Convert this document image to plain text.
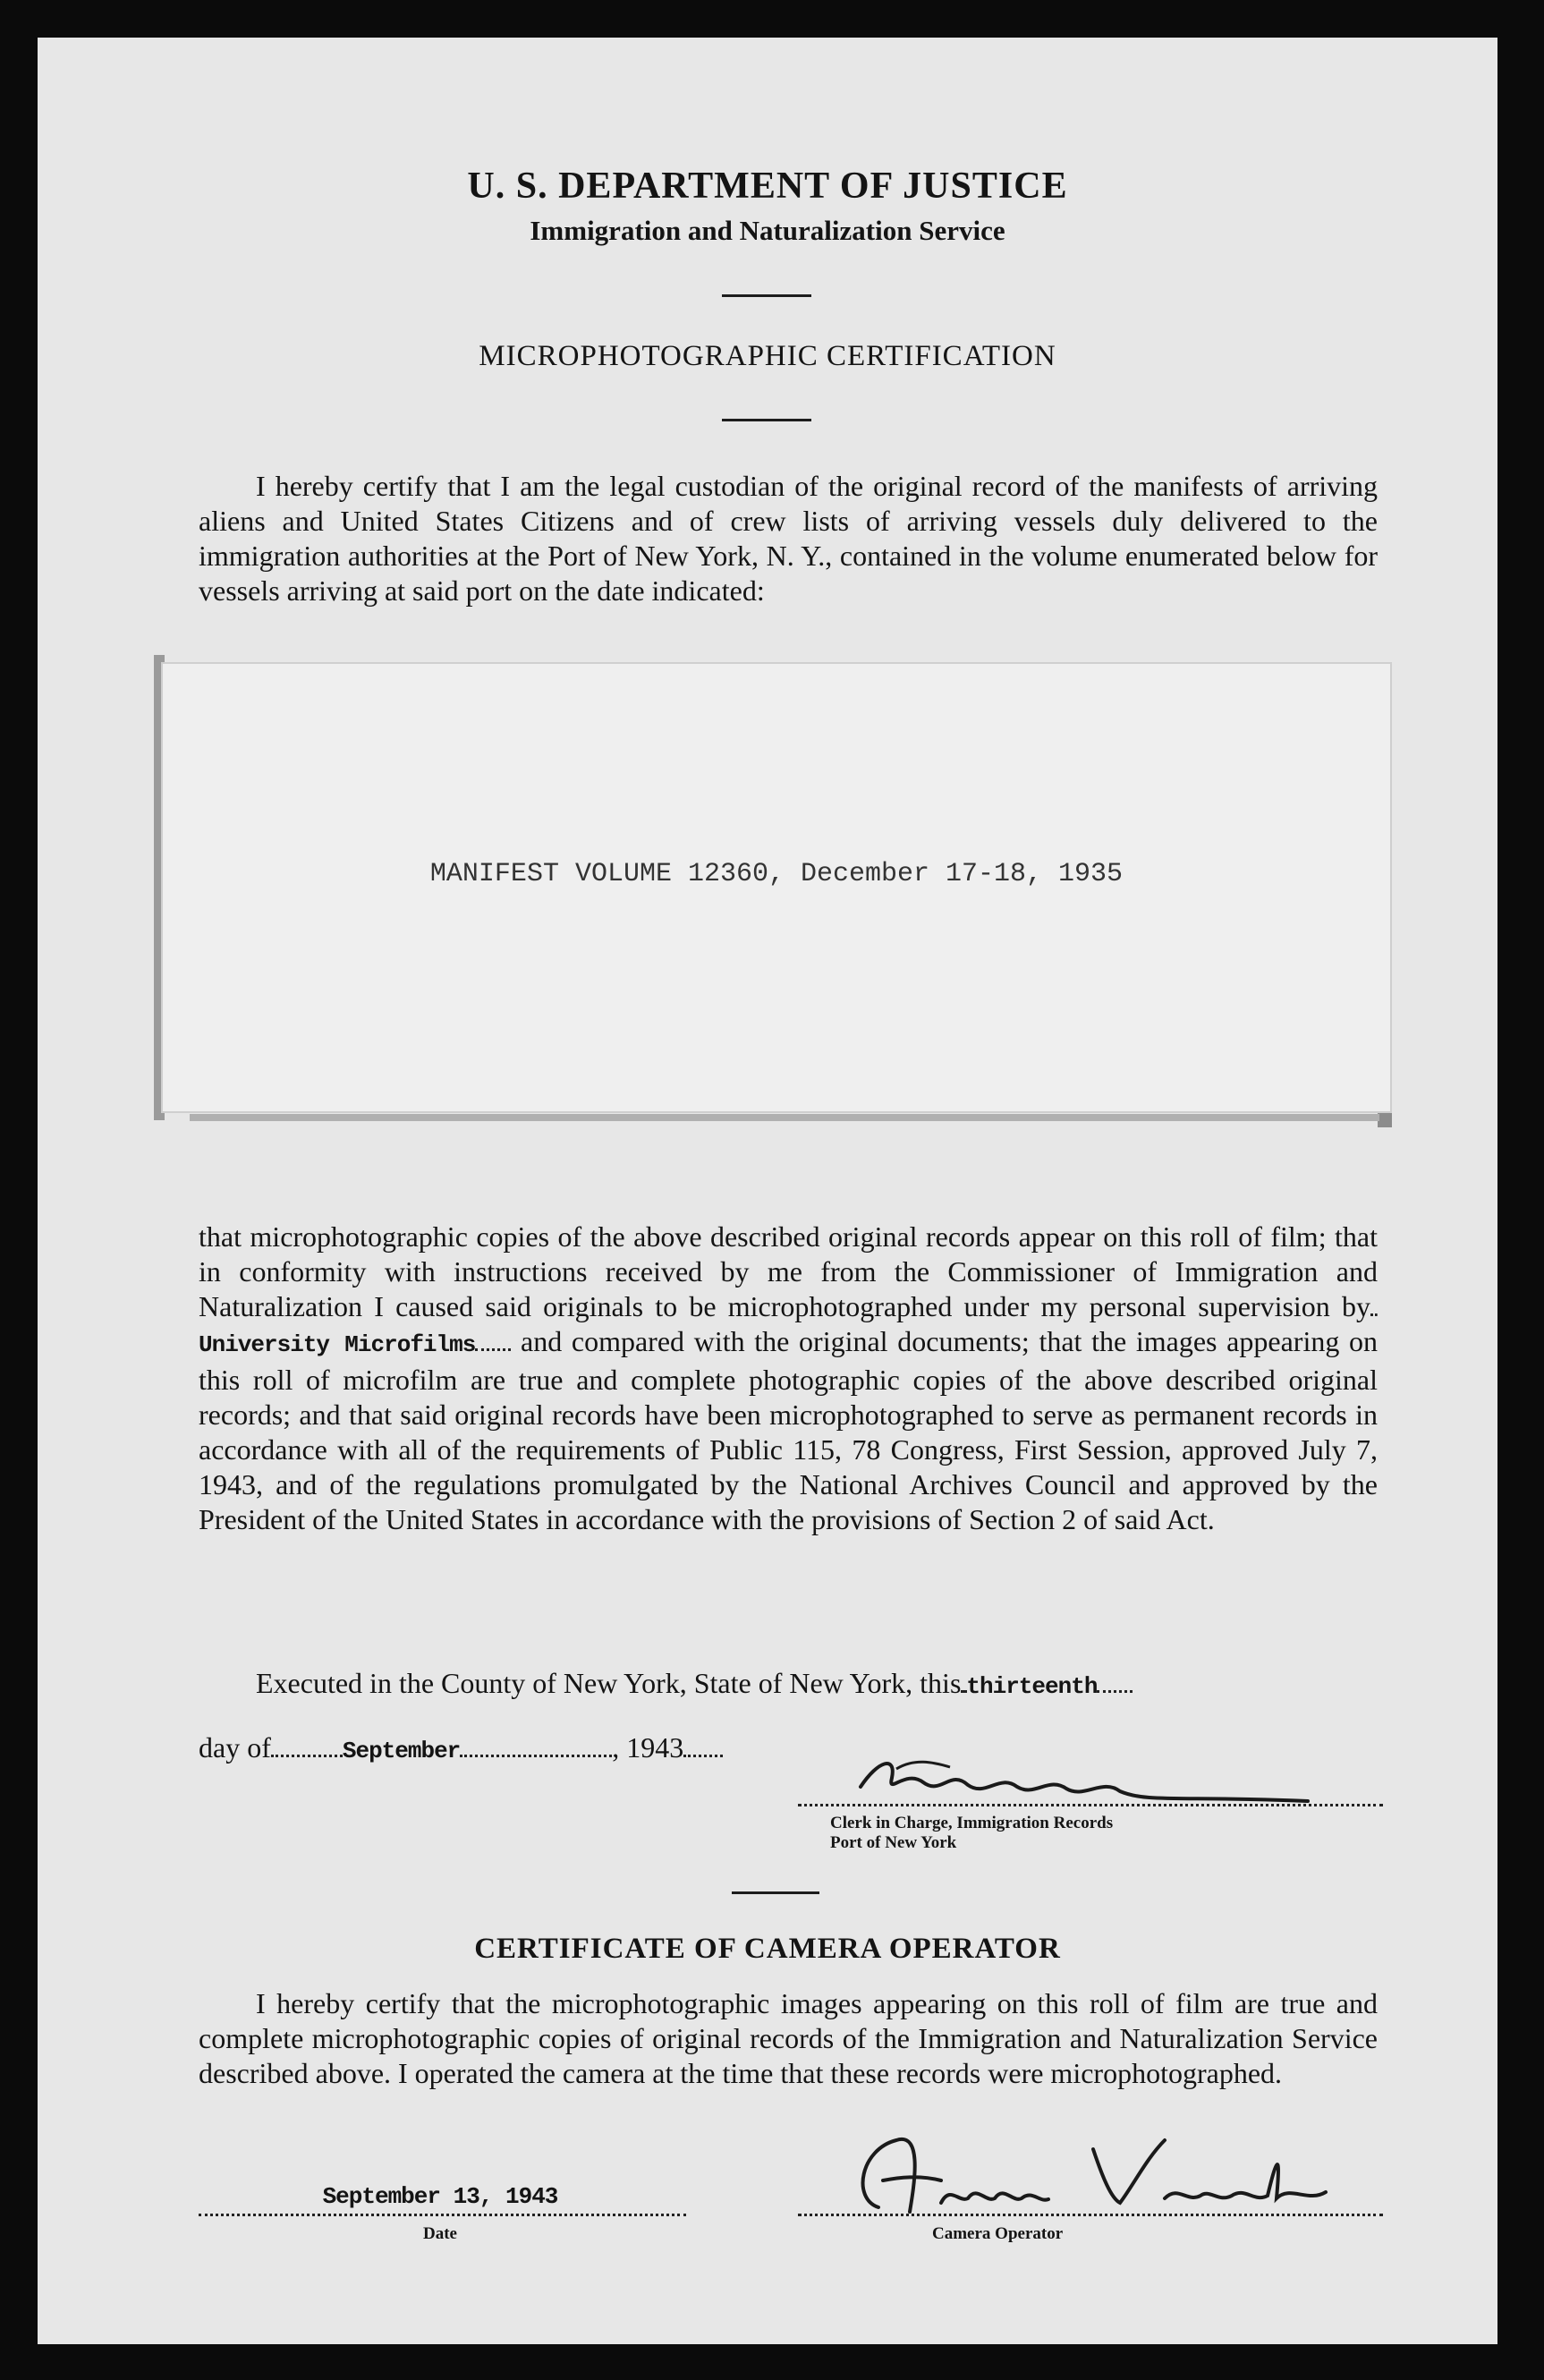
U. S. DEPARTMENT OF JUSTICE
Immigration and Naturalization Service
MICROPHOTOGRAPHIC CERTIFICATION
I hereby certify that I am the legal custodian of the original record of the manifests of arriving aliens and United States Citizens and of crew lists of arriving vessels duly delivered to the immigration authorities at the Port of New York, N. Y., contained in the volume enumerated below for vessels arriving at said port on the date indicated:
MANIFEST VOLUME 12360, December 17-18, 1935
that microphotographic copies of the above described original records appear on this roll of film; that in conformity with instructions received by me from the Commissioner of Immigration and Naturalization I caused said originals to be microphotographed under my personal supervision byUniversity Microfilms and compared with the original documents; that the images appearing on this roll of microfilm are true and complete photographic copies of the above described original records; and that said original records have been microphotographed to serve as permanent records in accordance with all of the requirements of Public 115, 78 Congress, First Session, approved July 7, 1943, and of the regulations promulgated by the National Archives Council and approved by the President of the United States in accordance with the provisions of Section 2 of said Act.
Executed in the County of New York, State of New York, this thirteenth
day of	September	, 1943
Clerk in Charge, Immigration Records
Port of New York
CERTIFICATE OF CAMERA OPERATOR
I hereby certify that the microphotographic images appearing on this roll of film are true and complete microphotographic copies of original records of the Immigration and Naturalization Service described above. I operated the camera at the time that these records were microphotographed.
September 13, 1943
Date	Camera Operator
